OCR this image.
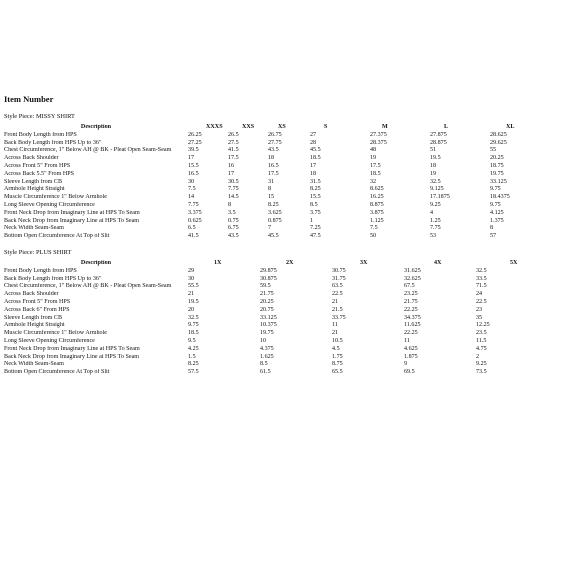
Item Number
Style Piece: MISSY SHIRT
Description	XXXS	XXS	XS	S	M	L	XL
Front Body Length from HPS	26.25	26.5	26.75	27	27.375	27.875	28.625
Back Body Length from HPS Up to 36"	27.25	27.5	27.75	28	28.375	28.875	29.625
Chest Circumference, 1" Below AH @ BK - Pleat Open Seam-Seam	39.5	41.5	43.5	45.5	48	51	55
Across Back Shoulder	17	17.5	18	18.5	19	19.5	20.25
Across Front 5" From HPS	15.5	16	16.5	17	17.5	18	18.75
Across Back 5.5" From HPS	16.5	17	17.5	18	18.5	19	19.75
Sleeve Length from CB	30	30.5	31	31.5	32	32.5	33.125
Armhole Height Straight	7.5	7.75	8	8.25	8.625	9.125	9.75
Muscle Circumference 1" Below Armhole	14	14.5	15	15.5	16.25	17.1875	18.4375
Long Sleeve Opening Circumference	7.75	8	8.25	8.5	8.875	9.25	9.75
Front Neck Drop from Imaginary Line at HPS To Seam	3.375	3.5	3.625	3.75	3.875	4	4.125
Back Neck Drop from Imaginary Line at HPS To Seam	0.625	0.75	0.875	1	1.125	1.25	1.375
Neck Width Seam-Seam	6.5	6.75	7	7.25	7.5	7.75	8
Bottom Open Circumference At Top of Slit	41.5	43.5	45.5	47.5	50	53	57
Style Piece: PLUS SHIRT
Description	1X	2X	3X	4X	5X
Front Body Length from HPS	29	29.875	30.75	31.625	32.5
Back Body Length from HPS Up to 36"	30	30.875	31.75	32.625	33.5
Chest Circumference, 1" Below AH @ BK - Pleat Open Seam-Seam	55.5	59.5	63.5	67.5	71.5
Across Back Shoulder	21	21.75	22.5	23.25	24
Across Front 5" From HPS	19.5	20.25	21	21.75	22.5
Across Back 6" From HPS	20	20.75	21.5	22.25	23
Sleeve Length from CB	32.5	33.125	33.75	34.375	35
Armhole Height Straight	9.75	10.375	11	11.625	12.25
Muscle Circumference 1" Below Armhole	18.5	19.75	21	22.25	23.5
Long Sleeve Opening Circumference	9.5	10	10.5	11	11.5
Front Neck Drop from Imaginary Line at HPS To Seam	4.25	4.375	4.5	4.625	4.75
Back Neck Drop from Imaginary Line at HPS To Seam	1.5	1.625	1.75	1.875	2
Neck Width Seam-Seam	8.25	8.5	8.75	9	9.25
Bottom Open Circumference At Top of Slit	57.5	61.5	65.5	69.5	73.5
